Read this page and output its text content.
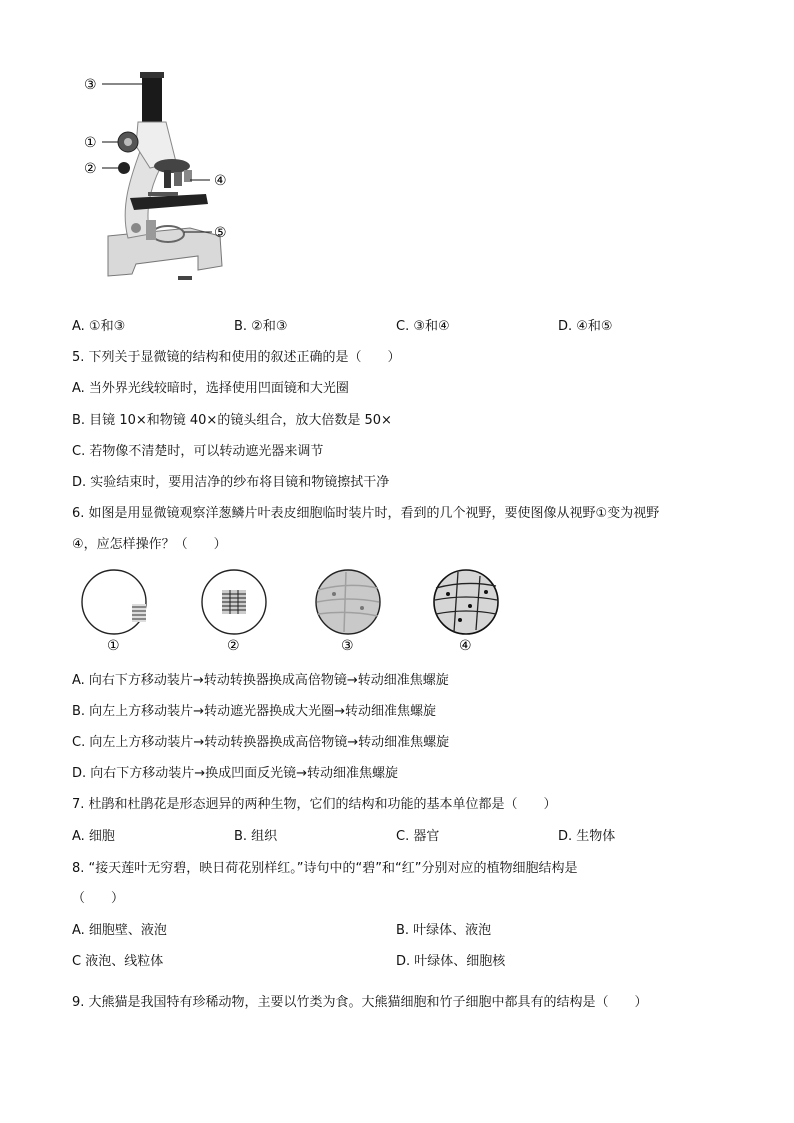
③
①
②
④
⑤
A. ①和③	B. ②和③	C. ③和④	D. ④和⑤
5. 下列关于显微镜的结构和使用的叙述正确的是（　　）
A. 当外界光线较暗时，选择使用凹面镜和大光圈
B. 目镜 10×和物镜 40×的镜头组合，放大倍数是 50×
C. 若物像不清楚时，可以转动遮光器来调节
D. 实验结束时，要用洁净的纱布将目镜和物镜擦拭干净
6. 如图是用显微镜观察洋葱鳞片叶表皮细胞临时装片时，看到的几个视野，要使图像从视野①变为视野
④，应怎样操作？（　　）
①	②	③	④
A. 向右下方移动装片→转动转换器换成高倍物镜→转动细准焦螺旋
B. 向左上方移动装片→转动遮光器换成大光圈→转动细准焦螺旋
C. 向左上方移动装片→转动转换器换成高倍物镜→转动细准焦螺旋
D. 向右下方移动装片→换成凹面反光镜→转动细准焦螺旋
7. 杜鹃和杜鹃花是形态迥异的两种生物，它们的结构和功能的基本单位都是（　　）
A. 细胞	B. 组织	C. 器官	D. 生物体
8. “接天莲叶无穷碧，映日荷花别样红。”诗句中的“碧”和“红”分别对应的植物细胞结构是
（　　）
A. 细胞壁、液泡	B. 叶绿体、液泡
C 液泡、线粒体	D. 叶绿体、细胞核
9. 大熊猫是我国特有珍稀动物，主要以竹类为食。大熊猫细胞和竹子细胞中都具有的结构是（　　）
